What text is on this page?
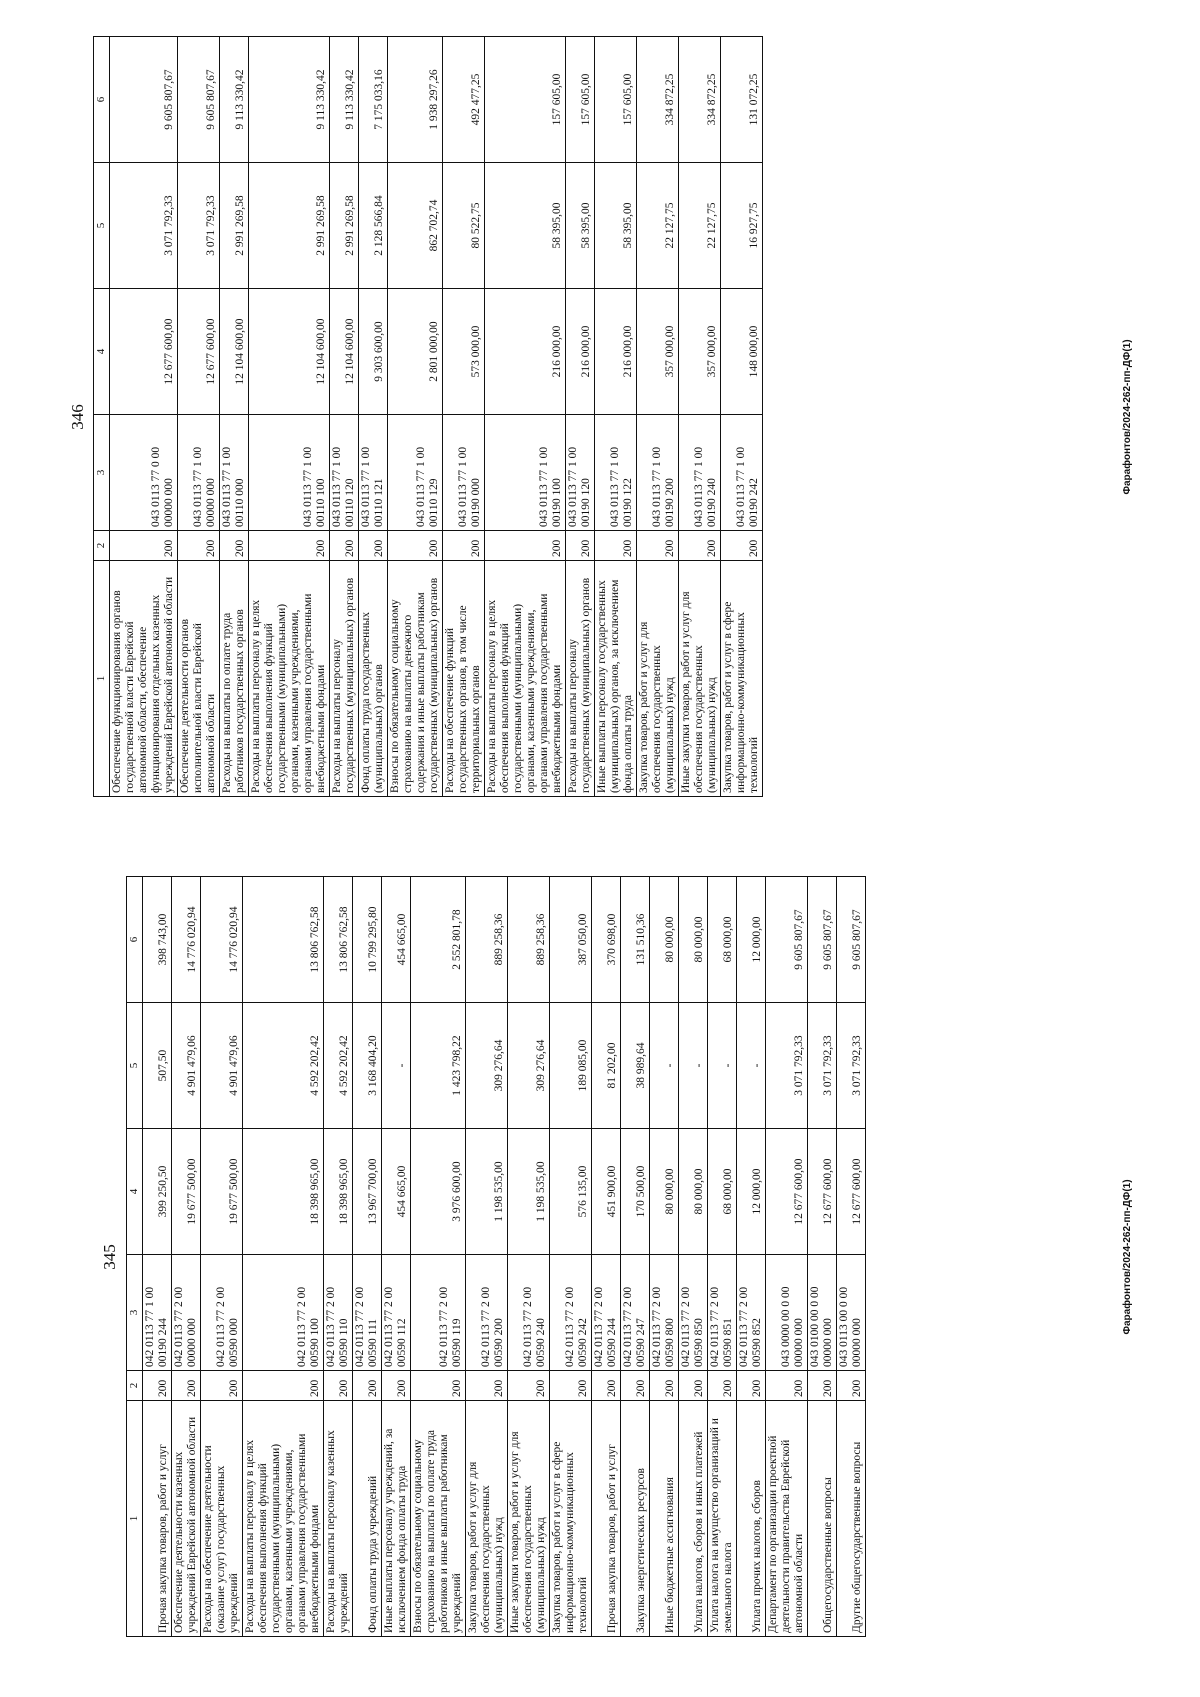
345
1	2	3	4	5	6
Прочая закупка товаров, работ и услуг	200	042 0113 77 1 00 00190 244	399 250,50	507,50	398 743,00
Обеспечение деятельности казенных учреждений Еврейской автономной области	200	042 0113 77 2 00 00000 000	19 677 500,00	4 901 479,06	14 776 020,94
Расходы на обеспечение деятельности (оказание услуг) государственных учреждений	200	042 0113 77 2 00 00590 000	19 677 500,00	4 901 479,06	14 776 020,94
Расходы на выплаты персоналу в целях обеспечения выполнения функций государственными (муниципальными) органами, казенными учреждениями, органами управления государственными внебюджетными фондами	200	042 0113 77 2 00 00590 100	18 398 965,00	4 592 202,42	13 806 762,58
Расходы на выплаты персоналу казенных учреждений	200	042 0113 77 2 00 00590 110	18 398 965,00	4 592 202,42	13 806 762,58
Фонд оплаты труда учреждений	200	042 0113 77 2 00 00590 111	13 967 700,00	3 168 404,20	10 799 295,80
Иные выплаты персоналу учреждений, за исключением фонда оплаты труда	200	042 0113 77 2 00 00590 112	454 665,00	-	454 665,00
Взносы по обязательному социальному страхованию на выплаты по оплате труда работников и иные выплаты работникам учреждений	200	042 0113 77 2 00 00590 119	3 976 600,00	1 423 798,22	2 552 801,78
Закупка товаров, работ и услуг для обеспечения государственных (муниципальных) нужд	200	042 0113 77 2 00 00590 200	1 198 535,00	309 276,64	889 258,36
Иные закупки товаров, работ и услуг для обеспечения государственных (муниципальных) нужд	200	042 0113 77 2 00 00590 240	1 198 535,00	309 276,64	889 258,36
Закупка товаров, работ и услуг в сфере информационно-коммуникационных технологий	200	042 0113 77 2 00 00590 242	576 135,00	189 085,00	387 050,00
Прочая закупка товаров, работ и услуг	200	042 0113 77 2 00 00590 244	451 900,00	81 202,00	370 698,00
Закупка энергетических ресурсов	200	042 0113 77 2 00 00590 247	170 500,00	38 989,64	131 510,36
Иные бюджетные ассигнования	200	042 0113 77 2 00 00590 800	80 000,00	-	80 000,00
Уплата налогов, сборов и иных платежей	200	042 0113 77 2 00 00590 850	80 000,00	-	80 000,00
Уплата налога на имущество организаций и земельного налога	200	042 0113 77 2 00 00590 851	68 000,00	-	68 000,00
Уплата прочих налогов, сборов	200	042 0113 77 2 00 00590 852	12 000,00	-	12 000,00
Департамент по организации проектной деятельности правительства Еврейской автономной области	200	043 0000 00 0 00 00000 000	12 677 600,00	3 071 792,33	9 605 807,67
Общегосударственные вопросы	200	043 0100 00 0 00 00000 000	12 677 600,00	3 071 792,33	9 605 807,67
Другие общегосударственные вопросы	200	043 0113 00 0 00 00000 000	12 677 600,00	3 071 792,33	9 605 807,67
Фарафонтов/2024-262-пп-ДФ(1)
346
1	2	3	4	5	6
Обеспечение функционирования органов государственной власти Еврейской автономной области, обеспечение функционирования отдельных казенных учреждений Еврейской автономной области	200	043 0113 77 0 00 00000 000	12 677 600,00	3 071 792,33	9 605 807,67
Обеспечение деятельности органов исполнительной власти Еврейской автономной области	200	043 0113 77 1 00 00000 000	12 677 600,00	3 071 792,33	9 605 807,67
Расходы на выплаты по оплате труда работников государственных органов	200	043 0113 77 1 00 00110 000	12 104 600,00	2 991 269,58	9 113 330,42
Расходы на выплаты персоналу в целях обеспечения выполнения функций государственными (муниципальными) органами, казенными учреждениями, органами управления государственными внебюджетными фондами	200	043 0113 77 1 00 00110 100	12 104 600,00	2 991 269,58	9 113 330,42
Расходы на выплаты персоналу государственных (муниципальных) органов	200	043 0113 77 1 00 00110 120	12 104 600,00	2 991 269,58	9 113 330,42
Фонд оплаты труда государственных (муниципальных) органов	200	043 0113 77 1 00 00110 121	9 303 600,00	2 128 566,84	7 175 033,16
Взносы по обязательному социальному страхованию на выплаты денежного содержания и иные выплаты работникам государственных (муниципальных) органов	200	043 0113 77 1 00 00110 129	2 801 000,00	862 702,74	1 938 297,26
Расходы на обеспечение функций государственных органов, в том числе территориальных органов	200	043 0113 77 1 00 00190 000	573 000,00	80 522,75	492 477,25
Расходы на выплаты персоналу в целях обеспечения выполнения функций государственными (муниципальными) органами, казенными учреждениями, органами управления государственными внебюджетными фондами	200	043 0113 77 1 00 00190 100	216 000,00	58 395,00	157 605,00
Расходы на выплаты персоналу государственных (муниципальных) органов	200	043 0113 77 1 00 00190 120	216 000,00	58 395,00	157 605,00
Иные выплаты персоналу государственных (муниципальных) органов, за исключением фонда оплаты труда	200	043 0113 77 1 00 00190 122	216 000,00	58 395,00	157 605,00
Закупка товаров, работ и услуг для обеспечения государственных (муниципальных) нужд	200	043 0113 77 1 00 00190 200	357 000,00	22 127,75	334 872,25
Иные закупки товаров, работ и услуг для обеспечения государственных (муниципальных) нужд	200	043 0113 77 1 00 00190 240	357 000,00	22 127,75	334 872,25
Закупка товаров, работ и услуг в сфере информационно-коммуникационных технологий	200	043 0113 77 1 00 00190 242	148 000,00	16 927,75	131 072,25
Фарафонтов/2024-262-пп-ДФ(1)
